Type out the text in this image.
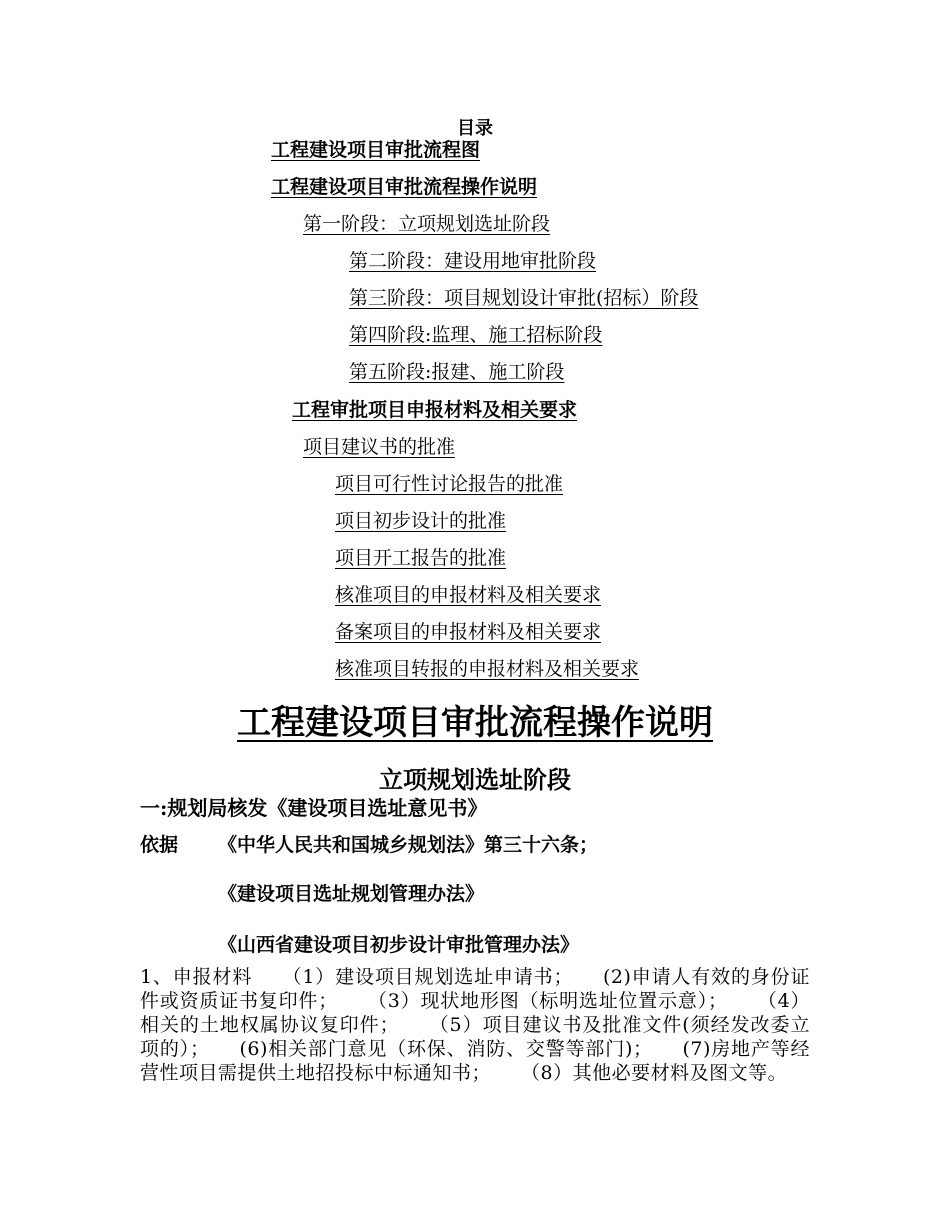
目录
工程建设项目审批流程图
工程建设项目审批流程操作说明
第一阶段：立项规划选址阶段
第二阶段：建设用地审批阶段
第三阶段：项目规划设计审批(招标）阶段
第四阶段:监理、施工招标阶段
第五阶段:报建、施工阶段
工程审批项目申报材料及相关要求
项目建议书的批准
项目可行性讨论报告的批准
项目初步设计的批准
项目开工报告的批准
核准项目的申报材料及相关要求
备案项目的申报材料及相关要求
核准项目转报的申报材料及相关要求
工程建设项目审批流程操作说明
立项规划选址阶段
一:规划局核发《建设项目选址意见书》
依据 《中华人民共和国城乡规划法》第三十六条；
《建设项目选址规划管理办法》
《山西省建设项目初步设计审批管理办法》
1、申报材料 （1）建设项目规划选址申请书； (2)申请人有效的身份证件或资质证书复印件； （3）现状地形图（标明选址位置示意）； （4）相关的土地权属协议复印件； （5）项目建议书及批准文件(须经发改委立项的）； (6)相关部门意见（环保、消防、交警等部门)； (7)房地产等经营性项目需提供土地招投标中标通知书； （8）其他必要材料及图文等。
